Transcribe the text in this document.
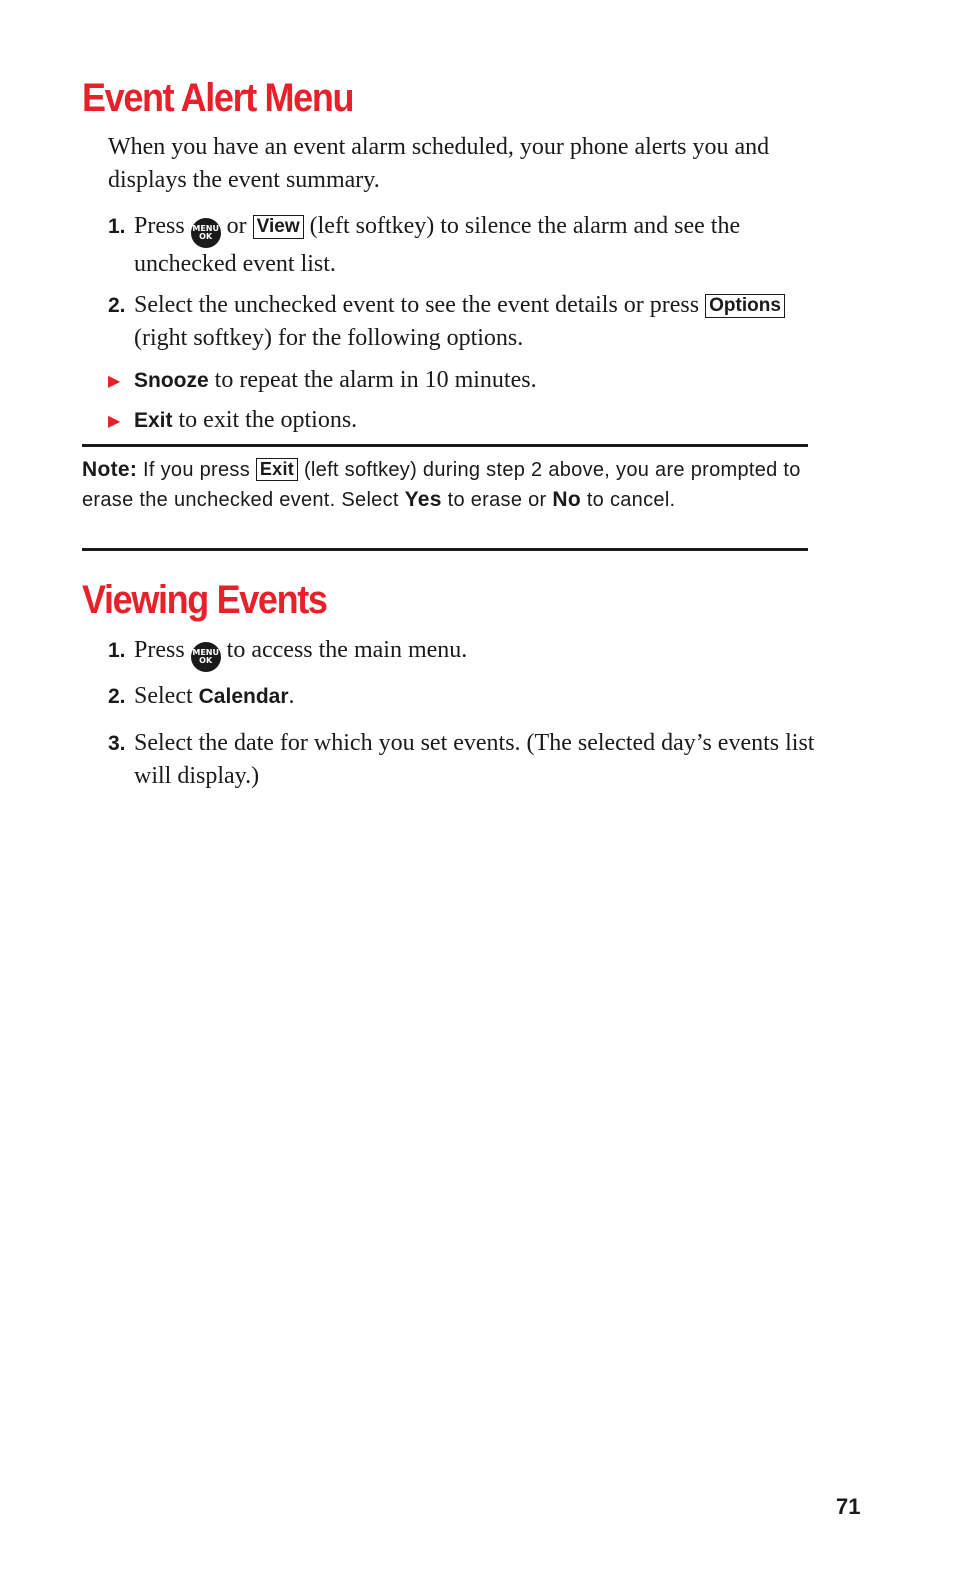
Event Alert Menu

When you have an event alarm scheduled, your phone alerts you and displays the event summary.

1. Press MENU
OK or View (left softkey) to silence the alarm and see the unchecked event list.
2. Select the unchecked event to see the event details or press Options (right softkey) for the following options.
▶ Snooze to repeat the alarm in 10 minutes.
▶ Exit to exit the options.

Note: If you press Exit (left softkey) during step 2 above, you are prompted to erase the unchecked event. Select Yes to erase or No to cancel.

Viewing Events
1. Press MENU
OK to access the main menu.
2. Select Calendar.
3. Select the date for which you set events. (The selected day’s events list will display.)
71
